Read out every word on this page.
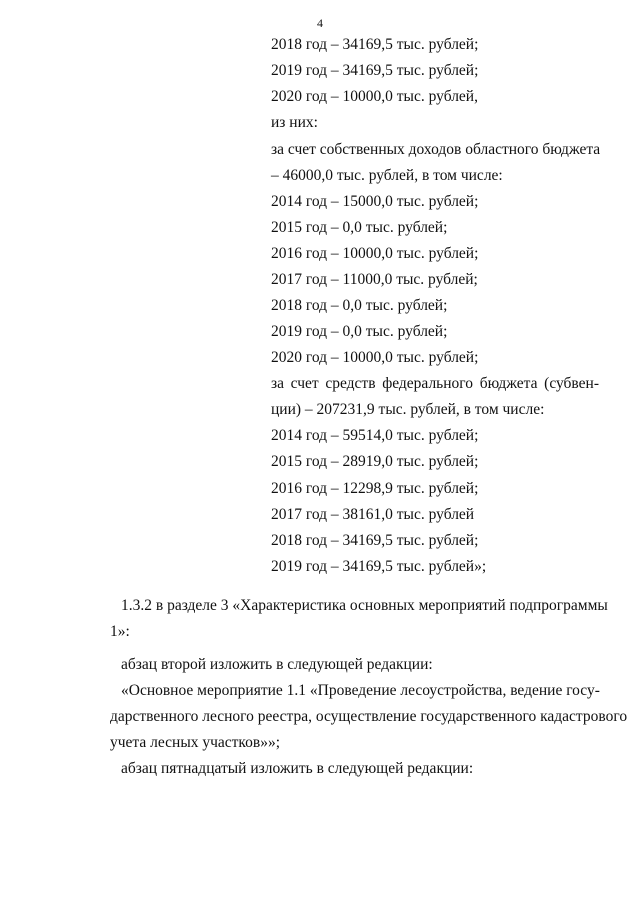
4
2018 год – 34169,5 тыс. рублей;
2019 год – 34169,5 тыс. рублей;
2020 год – 10000,0 тыс. рублей,
из них:
за счет собственных доходов областного бюджета
– 46000,0 тыс. рублей, в том числе:
2014 год – 15000,0 тыс. рублей;
2015 год – 0,0 тыс. рублей;
2016 год – 10000,0 тыс. рублей;
2017 год – 11000,0 тыс. рублей;
2018 год – 0,0 тыс. рублей;
2019 год – 0,0 тыс. рублей;
2020 год – 10000,0 тыс. рублей;
за счет средств федерального бюджета (субвен-
ции) – 207231,9 тыс. рублей, в том числе:
2014 год – 59514,0 тыс. рублей;
2015 год – 28919,0 тыс. рублей;
2016 год – 12298,9 тыс. рублей;
2017 год – 38161,0 тыс. рублей
2018 год – 34169,5 тыс. рублей;
2019 год – 34169,5 тыс. рублей»;
1.3.2 в разделе 3 «Характеристика основных мероприятий подпрограммы
1»:
абзац второй изложить в следующей редакции:
«Основное мероприятие 1.1 «Проведение лесоустройства, ведение госу-
дарственного лесного реестра, осуществление государственного кадастрового
учета лесных участков»»;
абзац пятнадцатый изложить в следующей редакции:
